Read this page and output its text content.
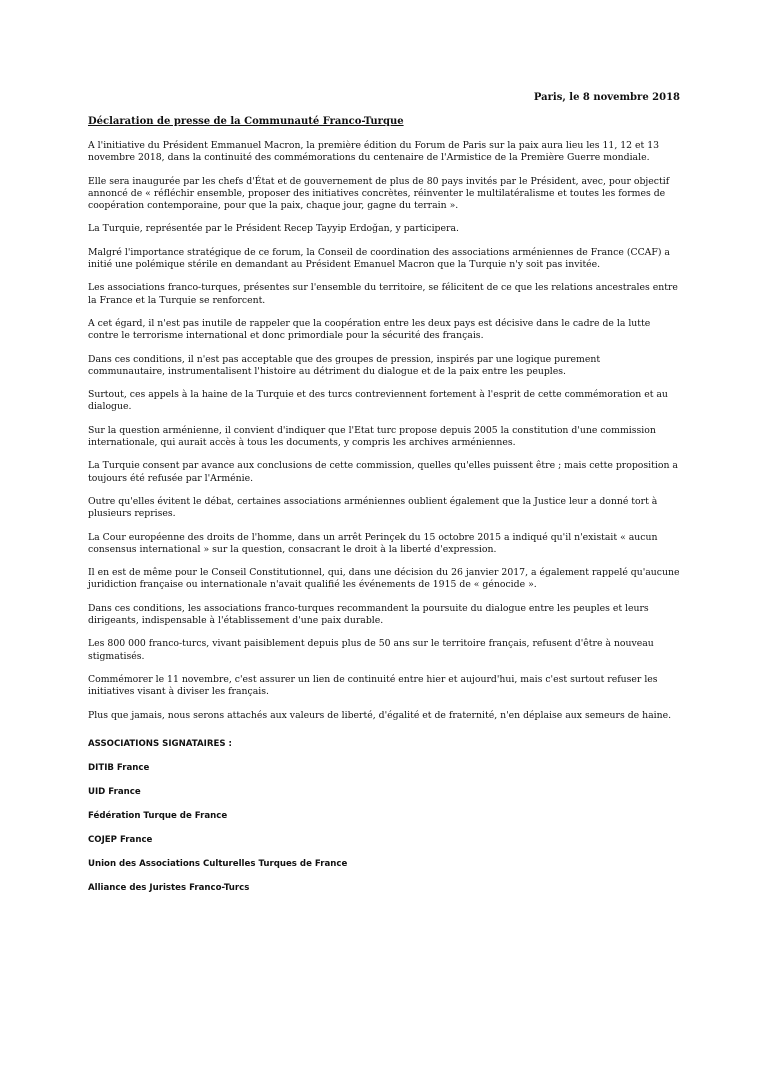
Paris, le 8 novembre 2018
Déclaration de presse de la Communauté Franco-Turque

A l'initiative du Président Emmanuel Macron, la première édition du Forum de Paris sur la paix aura lieu les 11, 12 et 13 novembre 2018, dans la continuité des commémorations du centenaire de l'Armistice de la Première Guerre mondiale.

Elle sera inaugurée par les chefs d'État et de gouvernement de plus de 80 pays invités par le Président, avec, pour objectif annoncé de « réfléchir ensemble, proposer des initiatives concrètes, réinventer le multilatéralisme et toutes les formes de coopération contemporaine, pour que la paix, chaque jour, gagne du terrain ».

La Turquie, représentée par le Président Recep Tayyip Erdoğan, y participera.

Malgré l'importance stratégique de ce forum, la Conseil de coordination des associations arméniennes de France (CCAF) a initié une polémique stérile en demandant au Président Emanuel Macron que la Turquie n'y soit pas invitée.

Les associations franco-turques, présentes sur l'ensemble du territoire, se félicitent de ce que les relations ancestrales entre la France et la Turquie se renforcent.

A cet égard, il n'est pas inutile de rappeler que la coopération entre les deux pays est décisive dans le cadre de la lutte contre le terrorisme international et donc primordiale pour la sécurité des français.

Dans ces conditions, il n'est pas acceptable que des groupes de pression, inspirés par une logique purement communautaire, instrumentalisent l'histoire au détriment du dialogue et de la paix entre les peuples.

Surtout, ces appels à la haine de la Turquie et des turcs contreviennent fortement à l'esprit de cette commémoration et au dialogue.

Sur la question arménienne, il convient d'indiquer que l'Etat turc propose depuis 2005 la constitution d'une commission internationale, qui aurait accès à tous les documents, y compris les archives arméniennes.

La Turquie consent par avance aux conclusions de cette commission, quelles qu'elles puissent être ; mais cette proposition a toujours été refusée par l'Arménie.

Outre qu'elles évitent le débat, certaines associations arméniennes oublient également que la Justice leur a donné tort à plusieurs reprises.

La Cour européenne des droits de l'homme, dans un arrêt Perinçek du 15 octobre 2015 a indiqué qu'il n'existait « aucun consensus international » sur la question, consacrant le droit à la liberté d'expression.

Il en est de même pour le Conseil Constitutionnel, qui, dans une décision du 26 janvier 2017, a également rappelé qu'aucune juridiction française ou internationale n'avait qualifié les événements de 1915 de « génocide ».

Dans ces conditions, les associations franco-turques recommandent la poursuite du dialogue entre les peuples et leurs dirigeants, indispensable à l'établissement d'une paix durable.

Les 800 000 franco-turcs, vivant paisiblement depuis plus de 50 ans sur le territoire français, refusent d'être à nouveau stigmatisés.

Commémorer le 11 novembre, c'est assurer un lien de continuité entre hier et aujourd'hui, mais c'est surtout refuser les initiatives visant à diviser les français.

Plus que jamais, nous serons attachés aux valeurs de liberté, d'égalité et de fraternité, n'en déplaise aux semeurs de haine.

ASSOCIATIONS SIGNATAIRES :
DITIB France
UID France
Fédération Turque de France
COJEP France
Union des Associations Culturelles Turques de France
Alliance des Juristes Franco-Turcs
